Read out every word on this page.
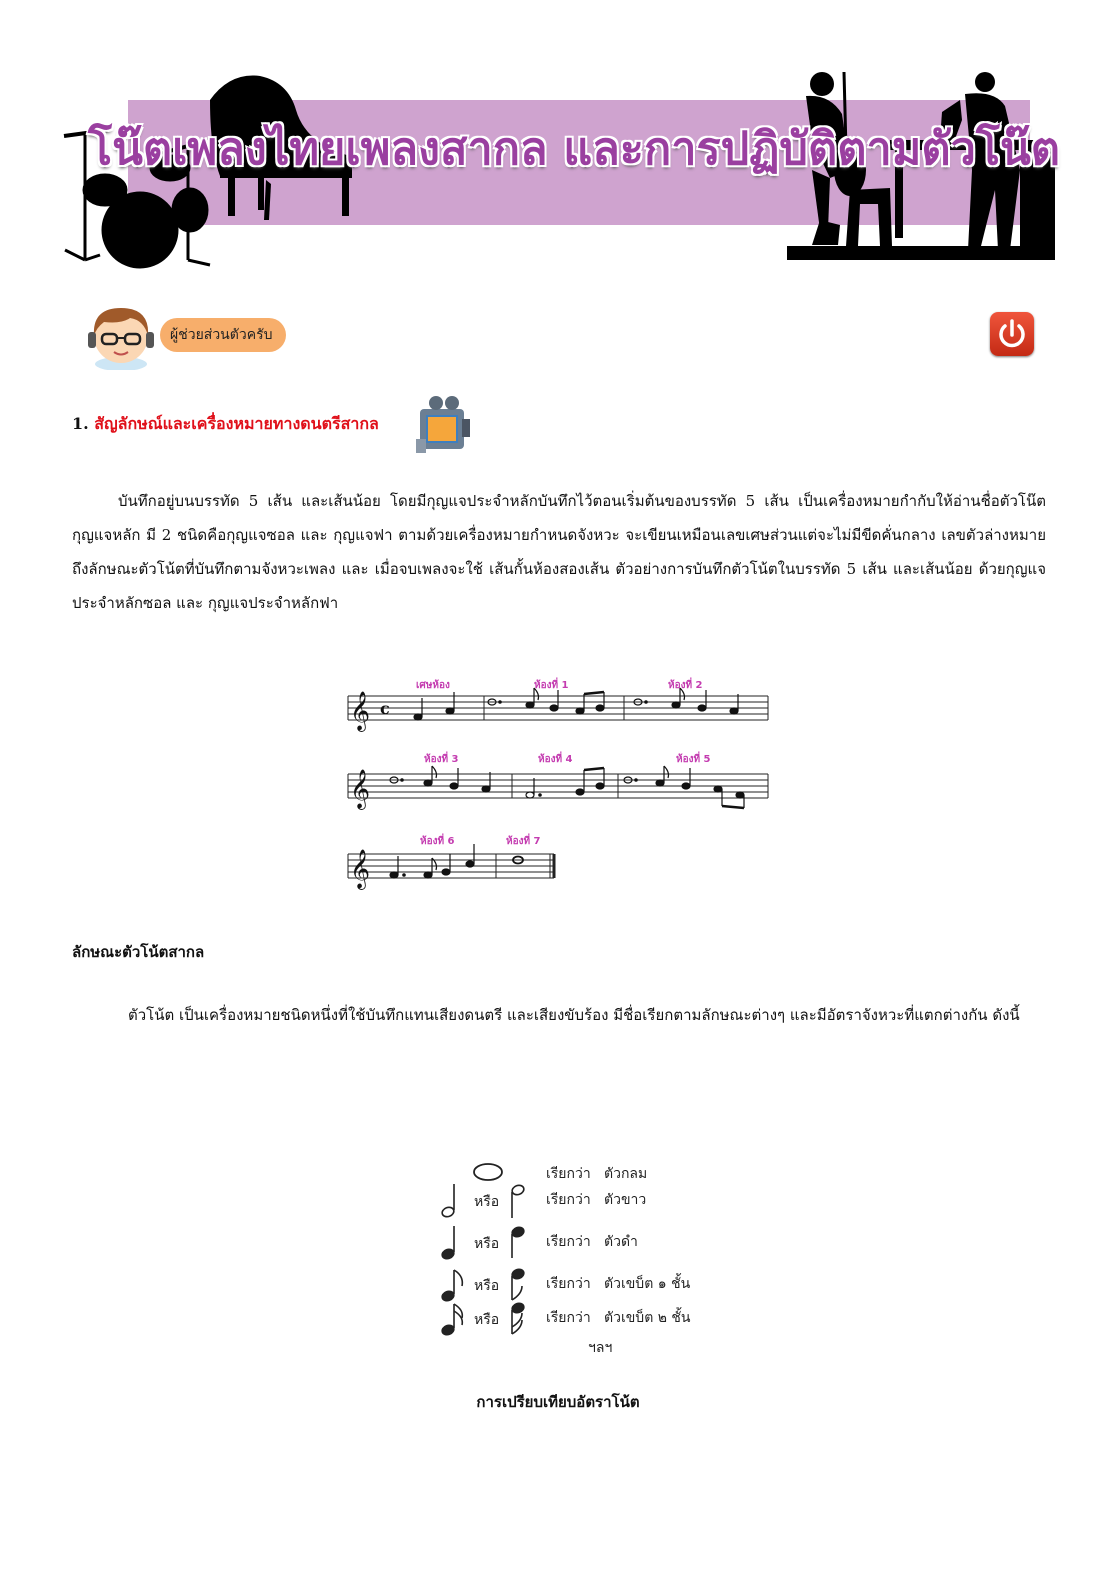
โน๊ตเพลงไทยเพลงสากล และการปฏิบัติตามตัวโน๊ต
ผู้ช่วยส่วนตัวครับ
1. สัญลักษณ์และเครื่องหมายทางดนตรีสากล
บันทึกอยู่บนบรรทัด 5 เส้น และเส้นน้อย โดยมีกุญแจประจำหลักบันทึกไว้ตอนเริ่มต้นของบรรทัด 5 เส้น เป็นเครื่องหมายกำกับให้อ่านชื่อตัวโน๊ต กุญแจหลัก มี 2 ชนิดคือกุญแจซอล และ กุญแจฟา ตามด้วยเครื่องหมายกำหนดจังหวะ จะเขียนเหมือนเลขเศษส่วนแต่จะไม่มีขีดคั่นกลาง เลขตัวล่างหมายถึงลักษณะตัวโน้ตที่บันทึกตามจังหวะเพลง และ เมื่อจบเพลงจะใช้ เส้นกั้นห้องสองเส้น ตัวอย่างการบันทึกตัวโน้ตในบรรทัด 5 เส้น และเส้นน้อย ด้วยกุญแจประจำหลักซอล และ กุญแจประจำหลักฟา
เศษห้อง	ห้องที่ 1	ห้องที่ 2
ห้องที่ 3	ห้องที่ 4	ห้องที่ 5
ห้องที่ 6	ห้องที่ 7
𝄞
𝄞
𝄞
c
ลักษณะตัวโน้ตสากล
ตัวโน้ต เป็นเครื่องหมายชนิดหนึ่งที่ใช้บันทึกแทนเสียงดนตรี และเสียงขับร้อง มีชื่อเรียกตามลักษณะต่างๆ และมีอัตราจังหวะที่แตกต่างกัน ดังนี้
เรียกว่า ตัวกลม
หรือ	เรียกว่า ตัวขาว
หรือ	เรียกว่า ตัวดำ
หรือ	เรียกว่า ตัวเขบ็ต ๑ ชั้น
หรือ	เรียกว่า ตัวเขบ็ต ๒ ชั้น
ฯลฯ
การเปรียบเทียบอัตราโน้ต
